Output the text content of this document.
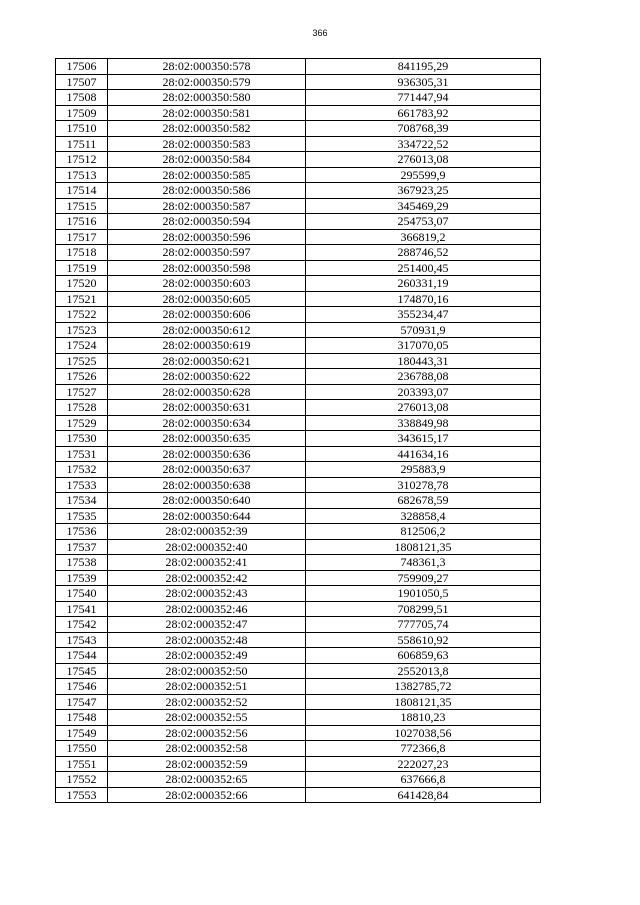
366
17506	28:02:000350:578	841195,29
17507	28:02:000350:579	936305,31
17508	28:02:000350:580	771447,94
17509	28:02:000350:581	661783,92
17510	28:02:000350:582	708768,39
17511	28:02:000350:583	334722,52
17512	28:02:000350:584	276013,08
17513	28:02:000350:585	295599,9
17514	28:02:000350:586	367923,25
17515	28:02:000350:587	345469,29
17516	28:02:000350:594	254753,07
17517	28:02:000350:596	366819,2
17518	28:02:000350:597	288746,52
17519	28:02:000350:598	251400,45
17520	28:02:000350:603	260331,19
17521	28:02:000350:605	174870,16
17522	28:02:000350:606	355234,47
17523	28:02:000350:612	570931,9
17524	28:02:000350:619	317070,05
17525	28:02:000350:621	180443,31
17526	28:02:000350:622	236788,08
17527	28:02:000350:628	203393,07
17528	28:02:000350:631	276013,08
17529	28:02:000350:634	338849,98
17530	28:02:000350:635	343615,17
17531	28:02:000350:636	441634,16
17532	28:02:000350:637	295883,9
17533	28:02:000350:638	310278,78
17534	28:02:000350:640	682678,59
17535	28:02:000350:644	328858,4
17536	28:02:000352:39	812506,2
17537	28:02:000352:40	1808121,35
17538	28:02:000352:41	748361,3
17539	28:02:000352:42	759909,27
17540	28:02:000352:43	1901050,5
17541	28:02:000352:46	708299,51
17542	28:02:000352:47	777705,74
17543	28:02:000352:48	558610,92
17544	28:02:000352:49	606859,63
17545	28:02:000352:50	2552013,8
17546	28:02:000352:51	1382785,72
17547	28:02:000352:52	1808121,35
17548	28:02:000352:55	18810,23
17549	28:02:000352:56	1027038,56
17550	28:02:000352:58	772366,8
17551	28:02:000352:59	222027,23
17552	28:02:000352:65	637666,8
17553	28:02:000352:66	641428,84
